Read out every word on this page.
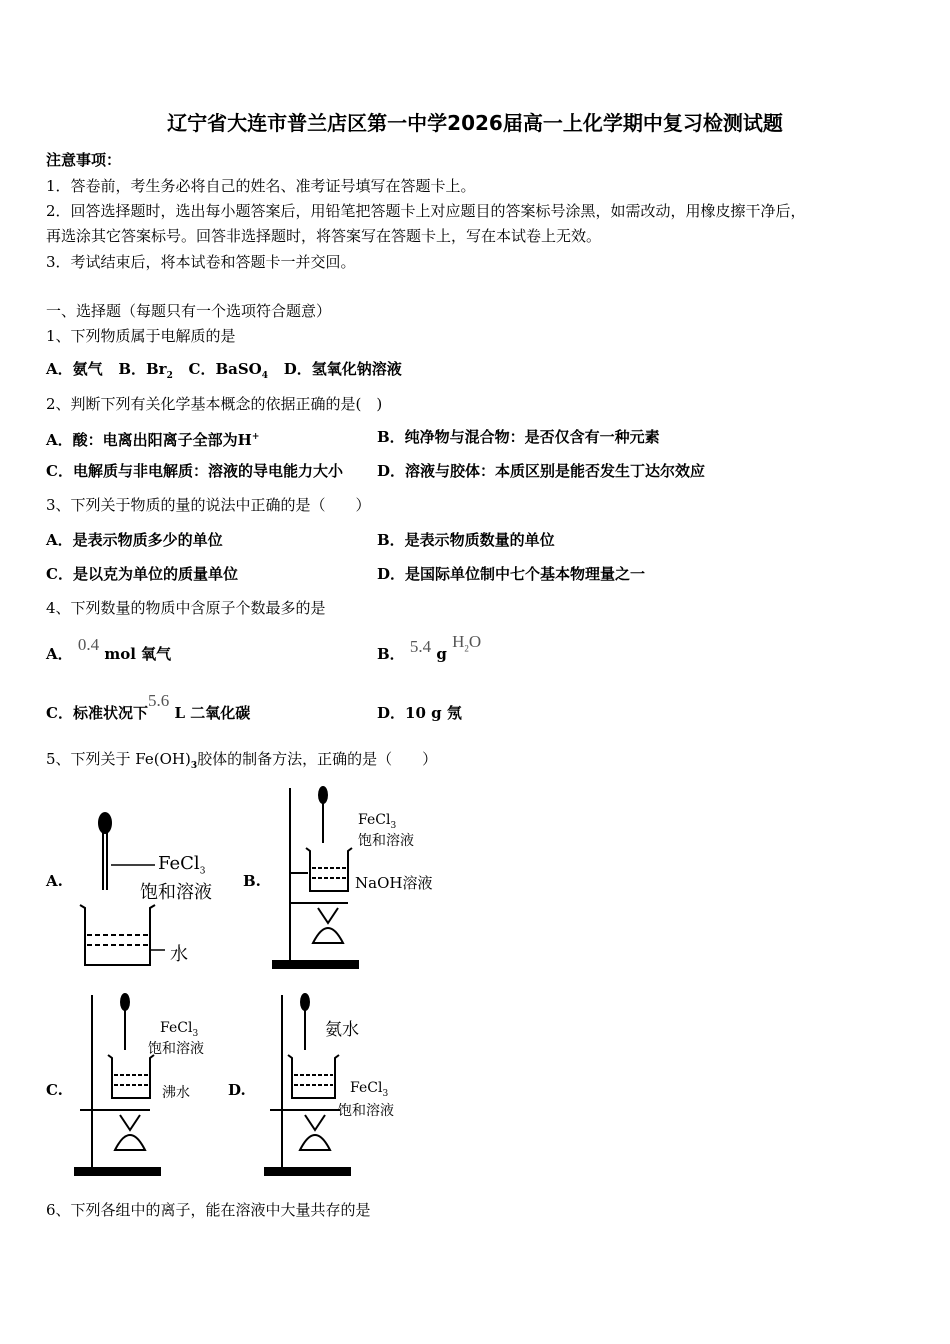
辽宁省大连市普兰店区第一中学2026届高一上化学期中复习检测试题
注意事项：
1．答卷前，考生务必将自己的姓名、准考证号填写在答题卡上。
2．回答选择题时，选出每小题答案后，用铅笔把答题卡上对应题目的答案标号涂黑，如需改动，用橡皮擦干净后，
再选涂其它答案标号。回答非选择题时，将答案写在答题卡上，写在本试卷上无效。
3．考试结束后，将本试卷和答题卡一并交回。
一、选择题（每题只有一个选项符合题意）
1、下列物质属于电解质的是
A．氨气 B．$Br_2$ C．BaSO$_4$ D．氢氧化钠溶液
2、判断下列有关化学基本概念的依据正确的是(　)
A．酸：电离出阳离子全部为H+	B．纯净物与混合物：是否仅含有一种元素
C．电解质与非电解质：溶液的导电能力大小 D．溶液与胶体：本质区别是能否发生丁达尔效应
3、下列关于物质的量的说法中正确的是（　　）
A．是表示物质多少的单位	B．是表示物质数量的单位
C．是以克为单位的质量单位	D．是国际单位制中七个基本物理量之一
4、下列数量的物质中含原子个数最多的是
A． 0.4 mol 氧气	B． 5.4 g $H_2O$
C．标准状况下5.6 L 二氧化碳	D．10 g 氖
5、下列关于 $Fe(OH)_3$胶体的制备方法，正确的是（　　）
A.
FeCl$_3$
饱和溶液
水
B.
FeCl$_3$
饱和溶液
NaOH溶液
C.
FeCl$_3$
饱和溶液
沸水	D.
氨水
FeCl$_3$
饱和溶液
6、下列各组中的离子，能在溶液中大量共存的是
